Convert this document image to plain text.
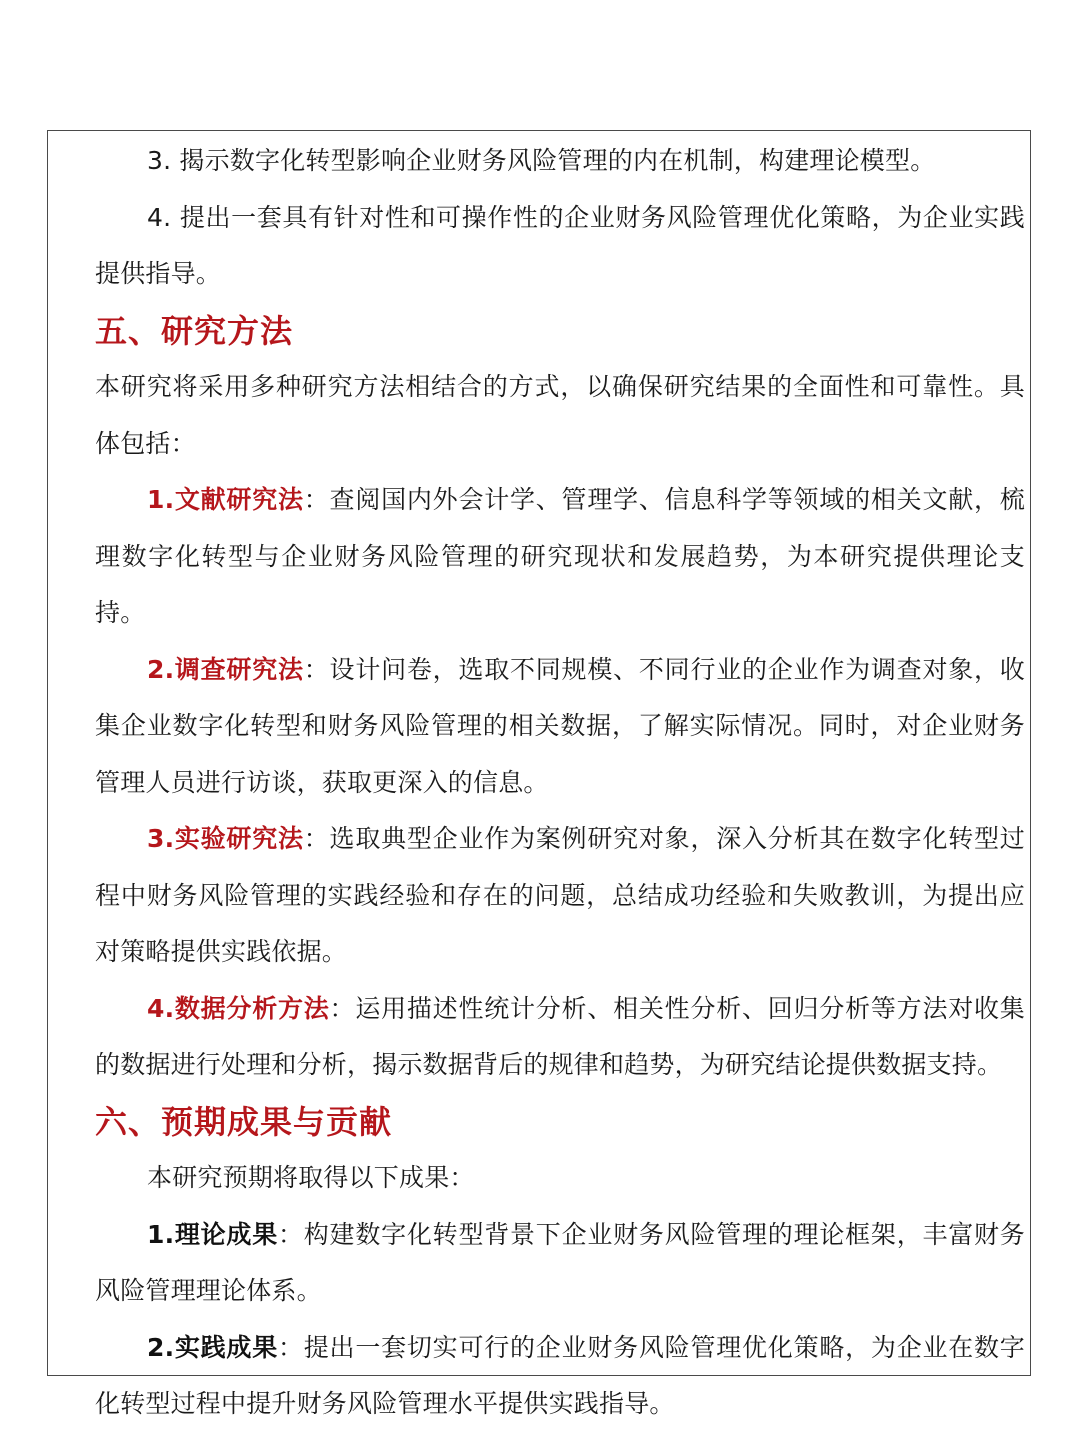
3. 揭示数字化转型影响企业财务风险管理的内在机制，构建理论模型。

4. 提出一套具有针对性和可操作性的企业财务风险管理优化策略，为企业实践提供指导。

五、研究方法

本研究将采用多种研究方法相结合的方式，以确保研究结果的全面性和可靠性。具体包括：

1.文献研究法：查阅国内外会计学、管理学、信息科学等领域的相关文献，梳理数字化转型与企业财务风险管理的研究现状和发展趋势，为本研究提供理论支持。

2.调查研究法：设计问卷，选取不同规模、不同行业的企业作为调查对象，收集企业数字化转型和财务风险管理的相关数据，了解实际情况。同时，对企业财务管理人员进行访谈，获取更深入的信息。

3.实验研究法：选取典型企业作为案例研究对象，深入分析其在数字化转型过程中财务风险管理的实践经验和存在的问题，总结成功经验和失败教训，为提出应对策略提供实践依据。

4.数据分析方法：运用描述性统计分析、相关性分析、回归分析等方法对收集的数据进行处理和分析，揭示数据背后的规律和趋势，为研究结论提供数据支持。

六、预期成果与贡献

本研究预期将取得以下成果：

1.理论成果：构建数字化转型背景下企业财务风险管理的理论框架，丰富财务风险管理理论体系。

2.实践成果：提出一套切实可行的企业财务风险管理优化策略，为企业在数字化转型过程中提升财务风险管理水平提供实践指导。
